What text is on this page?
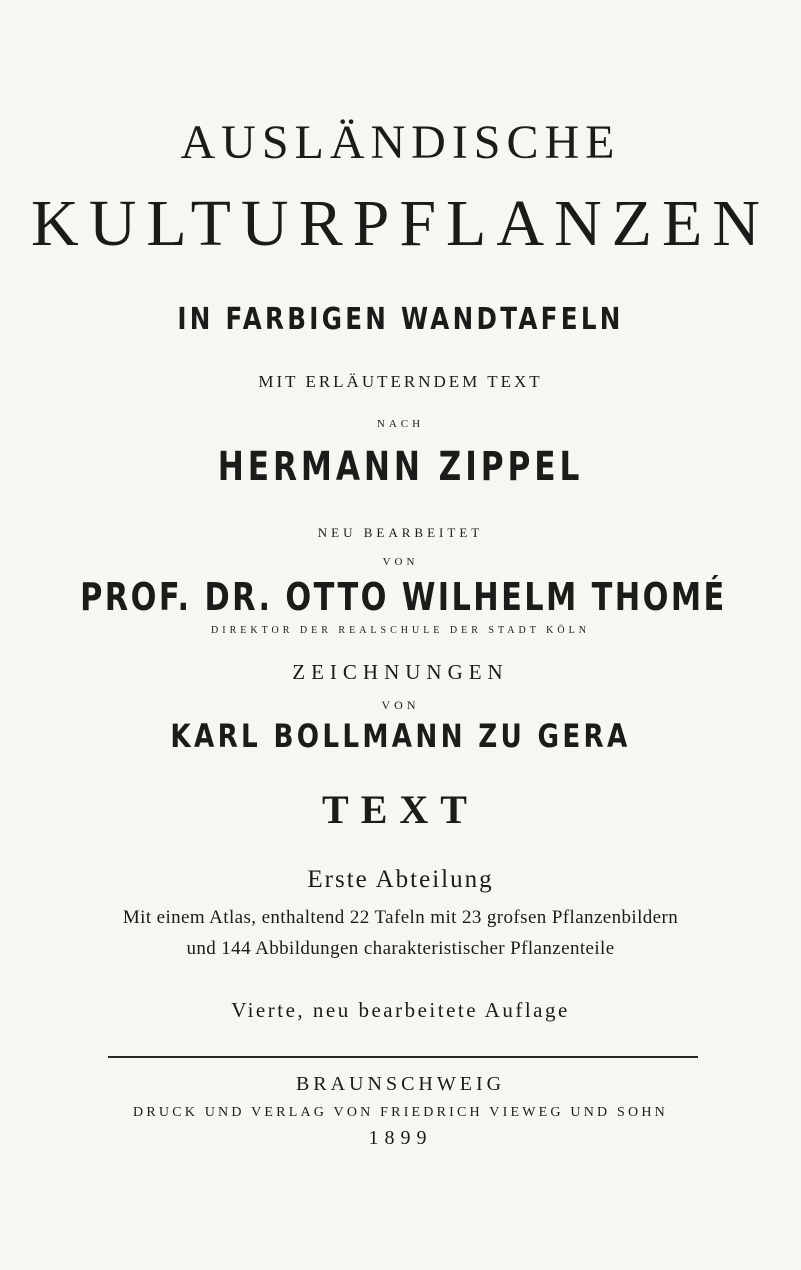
AUSLÄNDISCHE
KULTURPFLANZEN
IN FARBIGEN WANDTAFELN
MIT ERLÄUTERNDEM TEXT
NACH
HERMANN ZIPPEL
NEU BEARBEITET
VON
PROF. DR. OTTO WILHELM THOMÉ
DIREKTOR DER REALSCHULE DER STADT KÖLN
ZEICHNUNGEN
VON
KARL BOLLMANN ZU GERA
TEXT
Erste Abteilung
Mit einem Atlas, enthaltend 22 Tafeln mit 23 grofsen Pflanzenbildern
und 144 Abbildungen charakteristischer Pflanzenteile
Vierte, neu bearbeitete Auflage
BRAUNSCHWEIG
DRUCK UND VERLAG VON FRIEDRICH VIEWEG UND SOHN
1899
